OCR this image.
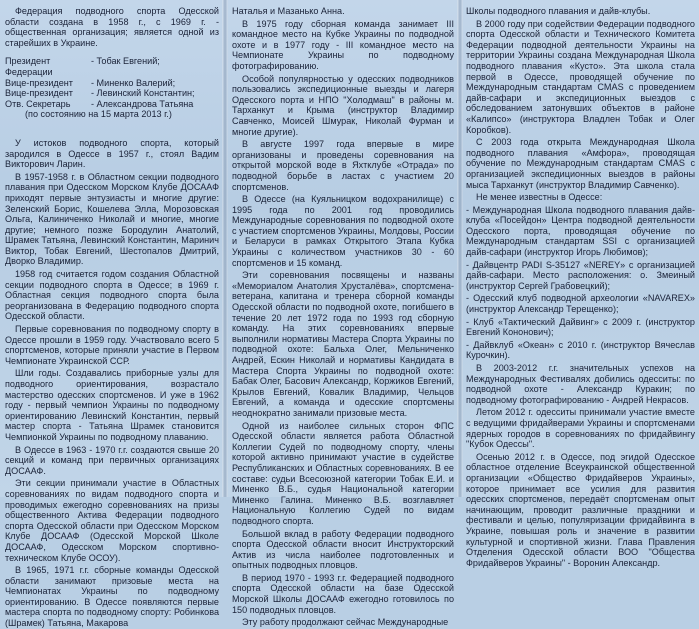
Федерация подводного спорта Одесской области создана в 1958 г., с 1969 г. - общественная организация; является одной из старейших в Украине.

Президент Федерации
- Тобак Евгений;
Вице-президент	- Миненко Валерий;
Вице-президент	- Левинский Константин;
Отв. Секретарь	- Александрова Татьяна
(по состоянию на 15 марта 2013 г.)

У истоков подводного спорта, который зародился в Одессе в 1957 г., стоял Вадим Викторович Ларин.

В 1957-1958 г. в Областном секции подводного плавания при Одесском Морском Клубе ДОСААФ приходят первые энтузиасты и многие другие: Зеленский Борис, Кошелева Элла, Морозовская Ольга, Калиниченко Николай и многие, многие другие; немного позже Бородулин Анатолий, Шрамек Татьяна, Левинский Константин, Маринич Виктор, Тобак Евгений, Шестопалов Дмитрий, Дворко Владимир.

1958 год считается годом создания Областной секции подводного спорта в Одессе; в 1969 г. Областная секция подводного спорта была реорганизована в Федерацию подводного спорта Одесской области.

Первые соревнования по подводному спорту в Одессе прошли в 1959 году. Участвовало всего 5 спортсменов, которые приняли участие в Первом Чемпионате Украинской ССР.

Шли годы. Создавались приборные узлы для подводного ориентирования, возрастало мастерство одесских спортсменов. И уже в 1962 году - первый чемпион Украины по подводному ориентированию Левинский Константин, первый мастер спорта - Татьяна Шрамек становится Чемпионкой Украины по подводному плаванию.

В Одессе в 1963 - 1970 г.г. создаются свыше 20 секций и команд при первичных организациях ДОСААФ.

Эти секции принимали участие в Областных соревнованиях по видам подводного спорта и проводимых ежегодно соревнованиях на призы общественного Актива Федерации подводного спорта Одесской области при Одесском Морском Клубе ДОСААФ (Одесской Морской Школе ДОСААФ, Одесском Морском спортивно-техническом Клубе ОСОУ).

В 1965, 1971 г.г. сборные команды Одесской области занимают призовые места на Чемпионатах Украины по подводному ориентированию. В Одессе появляются первые мастера спорта по подводному спорту: Робинкова (Шрамек) Татьяна, Макарова

Наталья и Мазанько Анна.

В 1975 году сборная команда занимает III командное место на Кубке Украины по подводной охоте и в 1977 году - III командное место на Чемпионате Украины по подводному фотографированию.

Особой популярностью у одесских подводников пользовались экспедиционные выезды и лагеря Одесского порта и НПО "Холодмаш" в районы м. Тарханкут и Крыма (инструктор Владимир Савченко, Моисей Шмурак, Николай Фурман и многие другие).

В августе 1997 года впервые в мире организованы и проведены соревнования на открытой морской воде в Яхтклубе «Отрада» по подводной борьбе в ластах с участием 20 спортсменов.

В Одессе (на Куяльницком водохранилище) с 1995 года по 2001 год проводились Международные соревнования по подводной охоте с участием спортсменов Украины, Молдовы, России и Беларуси в рамках Открытого Этапа Кубка Украины с количеством участников 30 - 60 спортсменов и 15 команд.

Эти соревнования посвящены и названы «Мемориалом Анатолия Хрусталёва», спортсмена-ветерана, капитана и тренера сборной команды Одесской области по подводной охоте, погибшего в течение 20 лет 1972 года по 1993 год сборную команду. На этих соревнованиях впервые выполнили нормативы Мастера Спорта Украины по подводной охоте: Бальха Олег, Мельниченко Андрей, Ескин Николай и нормативы Кандидата в Мастера Спорта Украины по подводной охоте: Бабак Олег, Басович Александр, Коржиков Евгений, Крылов Евгений, Ковалик Владимир, Чельцов Евгений, а команда и одесские спортсмены неоднократно занимали призовые места.

Одной из наиболее сильных сторон ФПС Одесской области является работа Областной Коллегии Судей по подводному спорту, члены которой активно принимают участие в судействе Республиканских и Областных соревнованиях. В ее составе: судьи Всесоюзной категории Тобак Е.И. и Миненко В.Б., судья Национальной категории Миненко Галина. Миненко В.Б. возглавляет Национальную Коллегию Судей по видам подводного спорта.

Большой вклад в работу Федерации подводного спорта Одесской области вносит Инструкторский Актив из числа наиболее подготовленных и опытных подводных пловцов.

В период 1970 - 1993 г.г. Федерацией подводного спорта Одесской области на базе Одесской Морской Школы ДОСААФ ежегодно готовилось по 150 подводных пловцов.

Эту работу продолжают сейчас Международные

Школы подводного плавания и дайв-клубы.

В 2000 году при содействии Федерации подводного спорта Одесской области и Технического Комитета Федерации подводной деятельности Украины на территории Украины создана Международная Школа подводного плавания «Кусто». Эта школа стала первой в Одессе, проводящей обучение по Международным стандартам CMAS с проведением дайв-сафари и экспедиционных выездов с обследованием затонувших объектов в районе «Калипсо» (инструктора Владлен Тобак и Олег Коробков).

С 2003 года открыта Международная Школа подводного плавания «Амфора», проводящая обучение по Международным стандартам CMAS с организацией экспедиционных выездов в районы мыса Тарханкут (инструктор Владимир Савченко).

Не менее известны в Одессе:

- Международная Школа подводного плавания дайв-клуба «Посейдон» Центра подводной деятельности Одесского порта, проводящая обучение по Международным стандартам SSI с организацией дайв-сафари (инструктор Игорь Любимов);

- Дайвцентр PADI S-35127 «NEREY» с организацией дайв-сафари. Место расположения: о. Змеиный (инструктор Сергей Грабовецкий);

- Одесский клуб подводной археологии «NAVAREX» (инструктор Александр Терещенко);

- Клуб «Тактический Дайвинг» с 2009 г. (инструктор Евгений Кононович);

- Дайвклуб «Океан» с 2010 г. (инструктор Вячеслав Курочкин).

В 2003-2012 г.г. значительных успехов на Международных Фестивалях добились одесситы: по подводной охоте - Александр Куракин; по подводному фотографированию - Андрей Некрасов.

Летом 2012 г. одесситы принимали участие вместе с ведущими фридайверами Украины и спортсменами ядерных городов в соревнованиях по фридайвингу "Кубок Одессы".

Осенью 2012 г. в Одессе, под эгидой Одесское областное отделение Всеукраинской общественной организации «Общество Фридайверов Украины», которое принимает все усилия для развития одесских спортсменов, передаёт спортсменам опыт начинающим, проводит различные праздники и фестивали и целью, популяризации фридайвинга в Украине, повышая роль и значение в развитии культурной и спортивной жизни. Глава Правления Отделения Одесской области ВОО "Общества Фридайверов Украины" - Воронин Александр.
